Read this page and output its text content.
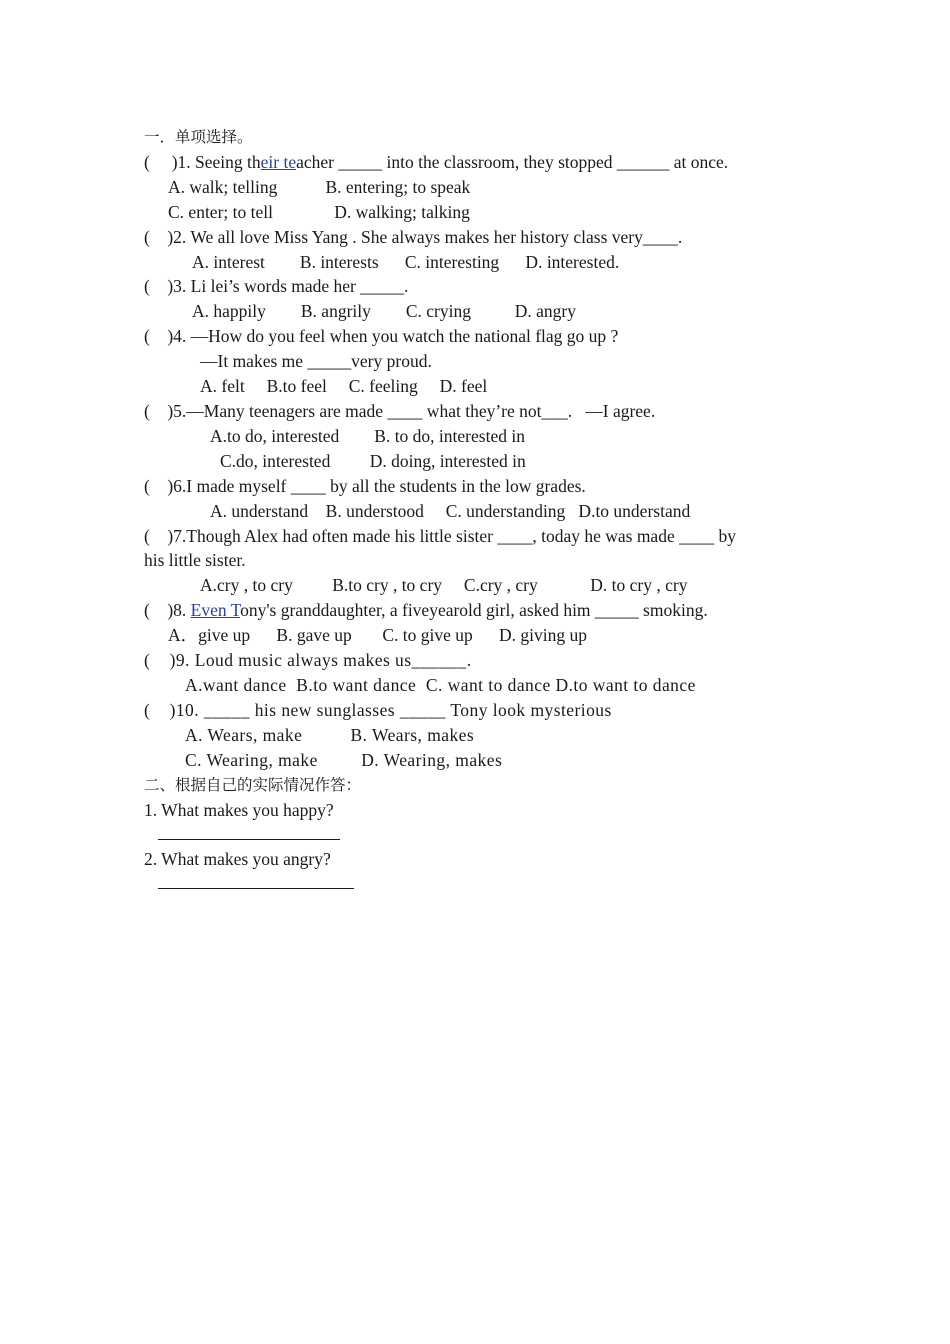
一．单项选择。
(     )1. Seeing their teacher _____ into the classroom, they stopped ______ at once.
A. walk; telling           B. entering; to speak
C. enter; to tell              D. walking; talking
(    )2. We all love Miss Yang . She always makes her history class very____.
A. interest        B. interests      C. interesting      D. interested.
(    )3. Li lei’s words made her _____.
A. happily        B. angrily        C. crying          D. angry
(    )4. —How do you feel when you watch the national flag go up ?
—It makes me _____very proud.
A. felt     B.to feel     C. feeling     D. feel
(    )5.—Many teenagers are made ____ what they’re not___.   —I agree.
A.to do, interested        B. to do, interested in
C.do, interested         D. doing, interested in
(    )6.I made myself ____ by all the students in the low grades.
A. understand    B. understood     C. understanding   D.to understand
(    )7.Though Alex had often made his little sister ____, today he was made ____ by
his little sister.
A.cry , to cry         B.to cry , to cry     C.cry , cry            D. to cry , cry
(    )8. Even Tony's granddaughter, a fiveyearold girl, asked him _____ smoking.
A．give up      B. gave up       C. to give up      D. giving up
(    )9. Loud music always makes us______.
A.want dance  B.to want dance  C. want to dance D.to want to dance
(    )10. _____ his new sunglasses _____ Tony look mysterious
A. Wears, make          B. Wears, makes
C. Wearing, make         D. Wearing, makes
二、根据自己的实际情况作答：
1. What makes you happy?
2. What makes you angry?
